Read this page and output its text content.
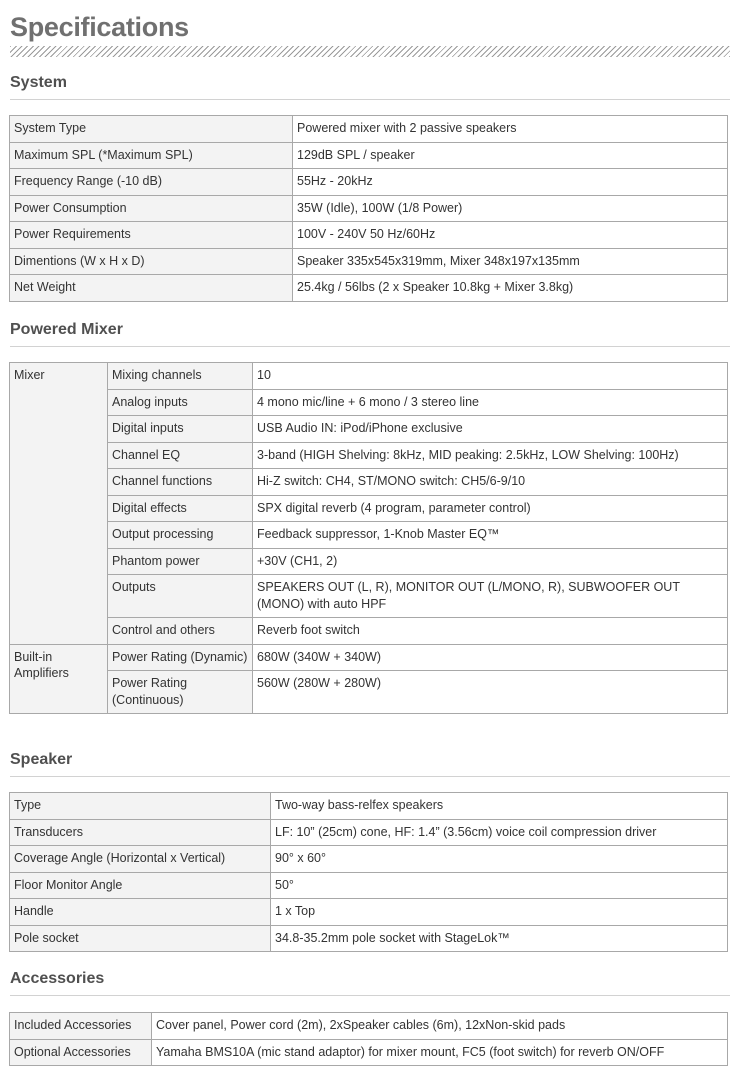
Specifications
System
System Type	Powered mixer with 2 passive speakers
Maximum SPL (*Maximum SPL)	129dB SPL / speaker
Frequency Range (-10 dB)	55Hz - 20kHz
Power Consumption	35W (Idle), 100W (1/8 Power)
Power Requirements	100V - 240V 50 Hz/60Hz
Dimentions (W x H x D)	Speaker 335x545x319mm, Mixer 348x197x135mm
Net Weight	25.4kg / 56lbs (2 x Speaker 10.8kg + Mixer 3.8kg)
Powered Mixer
Mixer	Mixing channels	10
	Analog inputs	4 mono mic/line + 6 mono / 3 stereo line
	Digital inputs	USB Audio IN: iPod/iPhone exclusive
	Channel EQ	3-band (HIGH Shelving: 8kHz, MID peaking: 2.5kHz, LOW Shelving: 100Hz)
	Channel functions	Hi-Z switch: CH4, ST/MONO switch: CH5/6-9/10
	Digital effects	SPX digital reverb (4 program, parameter control)
	Output processing	Feedback suppressor, 1-Knob Master EQ™
	Phantom power	+30V (CH1, 2)
	Outputs	SPEAKERS OUT (L, R), MONITOR OUT (L/MONO, R), SUBWOOFER OUT (MONO) with auto HPF
	Control and others	Reverb foot switch
Built-in Amplifiers	Power Rating (Dynamic)	680W (340W + 340W)
	Power Rating (Continuous)	560W (280W + 280W)
Speaker
Type	Two-way bass-relfex speakers
Transducers	LF: 10” (25cm) cone, HF: 1.4” (3.56cm) voice coil compression driver
Coverage Angle (Horizontal x Vertical)	90° x 60°
Floor Monitor Angle	50°
Handle	1 x Top
Pole socket	34.8-35.2mm pole socket with StageLok™
Accessories
Included Accessories	Cover panel, Power cord (2m), 2xSpeaker cables (6m), 12xNon-skid pads
Optional Accessories	Yamaha BMS10A (mic stand adaptor) for mixer mount, FC5 (foot switch) for reverb ON/OFF
